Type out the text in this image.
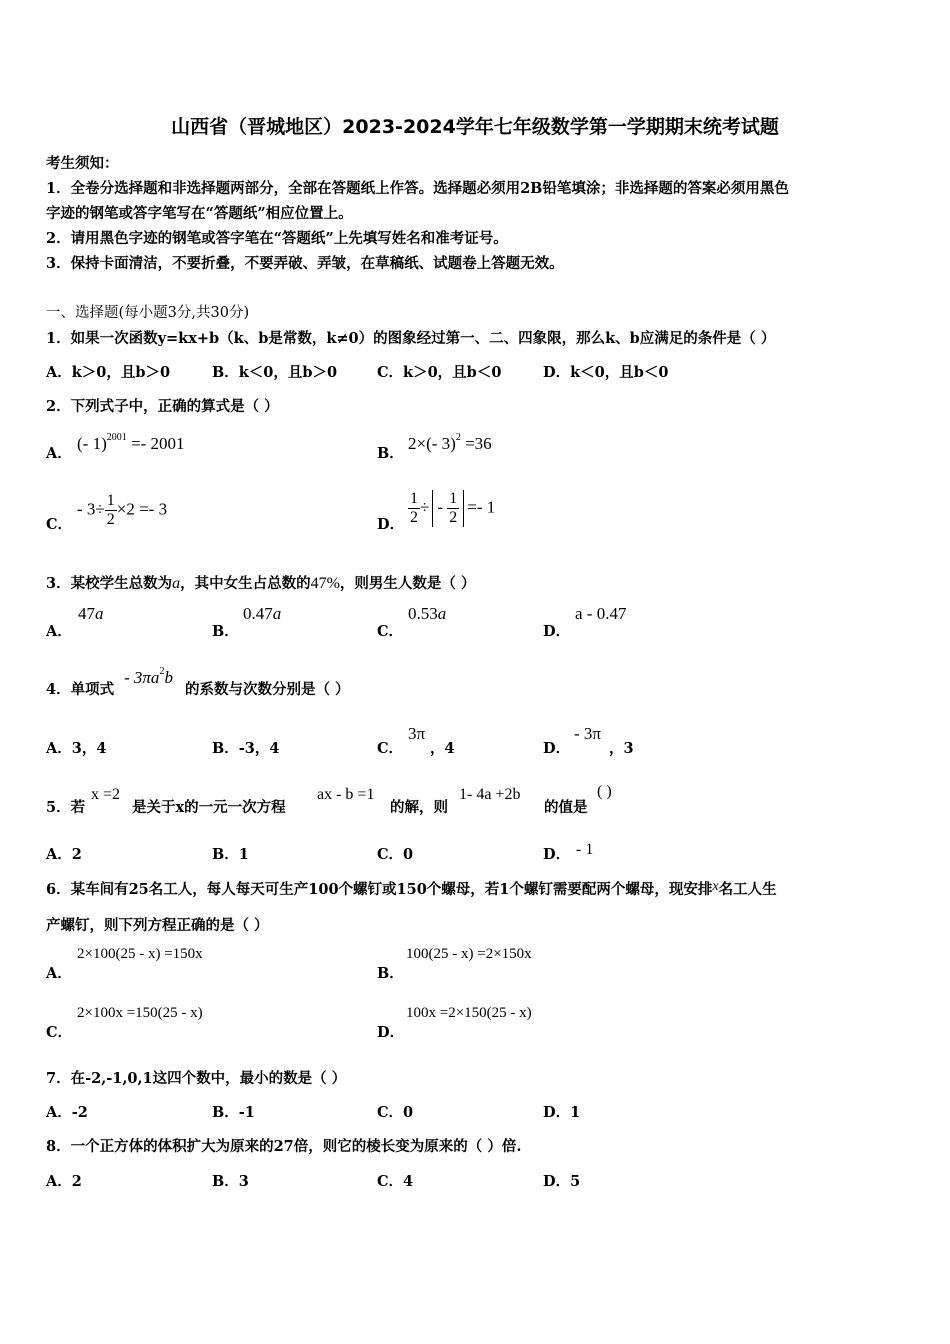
山西省（晋城地区）2023-2024学年七年级数学第一学期期末统考试题
考生须知：
1．全卷分选择题和非选择题两部分，全部在答题纸上作答。选择题必须用2B铅笔填涂；非选择题的答案必须用黑色
字迹的钢笔或答字笔写在“答题纸”相应位置上。
2．请用黑色字迹的钢笔或答字笔在“答题纸”上先填写姓名和准考证号。
3．保持卡面清洁，不要折叠，不要弄破、弄皱，在草稿纸、试题卷上答题无效。
一、选择题(每小题3分,共30分)
1．如果一次函数y=kx+b（k、b是常数，k≠0）的图象经过第一、二、四象限，那么k、b应满足的条件是（ ）
A．k＞0，且b＞0	B．k＜0，且b＞0	C．k＞0，且b＜0	D．k＜0，且b＜0
2．下列式子中，正确的算式是（ ）
A．
(- 1)$^{2001}$ =- 2001
B．
2×(- 3)$^2$ =36
C．
- $3\div \frac{1}{2} \times 2 =- 3$
D． $\frac{1}{2}$ ÷ - $\frac{1}{2} =- 1$
3．某校学生总数为a，其中女生占总数的47%，则男生人数是（ ）
A．
47a
B．
0.47a
C．
0.53a
D．
a - 0.47
4．单项式
- $3\pi a^2b$
的系数与次数分别是（ ）
A．3，4	B．-3，4	C．
3π
，4	D．
- 3π
，3
5．若
x =2
是关于x的一元一次方程
ax - b =1
的解，则
1- 4a +2b
的值是
( )
A．2	B．1	C．0	D． - 1
6．某车间有25名工人，每人每天可生产100个螺钉或150个螺母，若1个螺钉需要配两个螺母，现安排x名工人生
产螺钉，则下列方程正确的是（ ）
A．
2×100(25 - x) =150x
B．
100(25 - x) =2×150x
C．
2×100x =150(25 - x)
D．
100x =2×150(25 - x)
7．在-2,-1,0,1这四个数中，最小的数是（ ）
A．-2	B．-1	C．0	D．1
8．一个正方体的体积扩大为原来的27倍，则它的棱长变为原来的（ ）倍.
A．2	B．3	C．4	D．5
